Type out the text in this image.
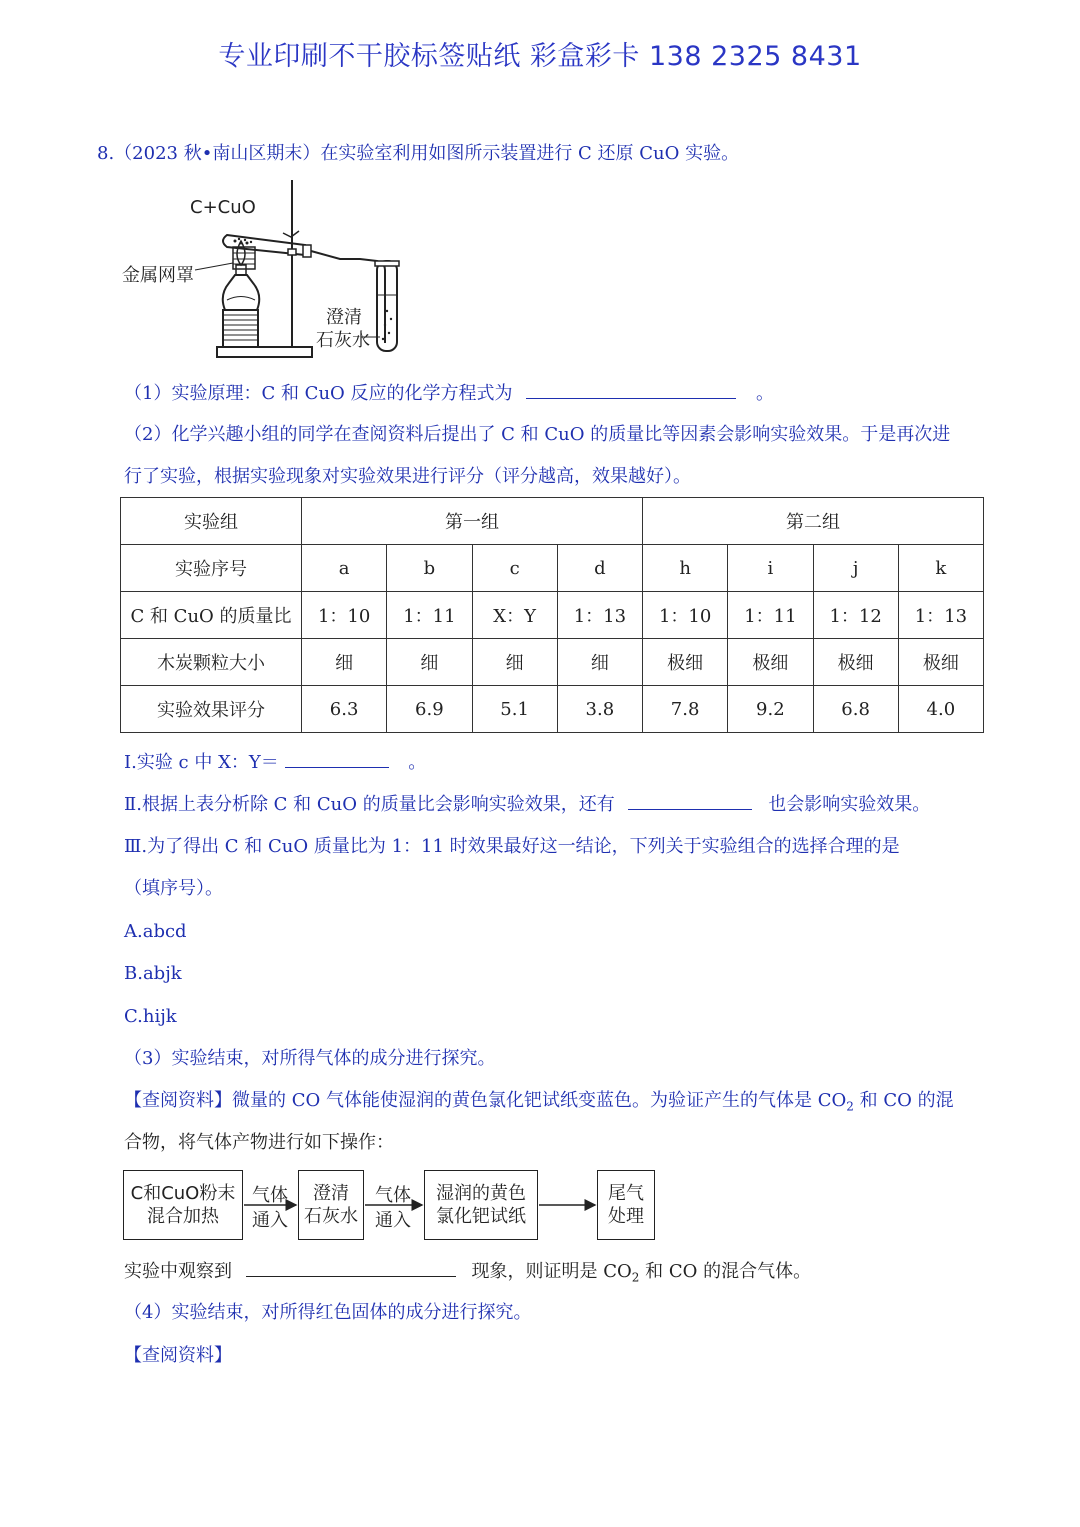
专业印刷不干胶标签贴纸 彩盒彩卡 138 2325 8431
8.（2023 秋•南山区期末）在实验室利用如图所示装置进行 C 还原 CuO 实验。
C+CuO
金属网罩
澄清
石灰水
（1）实验原理：C 和 CuO 反应的化学方程式为	。
（2）化学兴趣小组的同学在查阅资料后提出了 C 和 CuO 的质量比等因素会影响实验效果。于是再次进
行了实验，根据实验现象对实验效果进行评分（评分越高，效果越好）。
实验组	第一组				第二组			
实验序号	a	b	c	d	h	i	j	k
C 和 CuO 的质量比	1：10	1：11	X：Y	1：13	1：10	1：11	1：12	1：13
木炭颗粒大小	细	细	细	细	极细	极细	极细	极细
实验效果评分	6.3	6.9	5.1	3.8	7.8	9.2	6.8	4.0
Ⅰ.实验 c 中 X：Y＝	。
Ⅱ.根据上表分析除 C 和 CuO 的质量比会影响实验效果，还有	也会影响实验效果。
Ⅲ.为了得出 C 和 CuO 质量比为 1：11 时效果最好这一结论，下列关于实验组合的选择合理的是
（填序号）。
A.abcd
B.abjk
C.hijk
（3）实验结束，对所得气体的成分进行探究。
【查阅资料】微量的 CO 气体能使湿润的黄色氯化钯试纸变蓝色。为验证产生的气体是 $CO_2$ 和 CO 的混
合物，将气体产物进行如下操作：
C和CuO粉末
混合加热
气体
通入
澄清
石灰水
气体
通入
湿润的黄色
氯化钯试纸
尾气
处理
实验中观察到	现象，则证明是 $CO_2$ 和 CO 的混合气体。
（4）实验结束，对所得红色固体的成分进行探究。
【查阅资料】
